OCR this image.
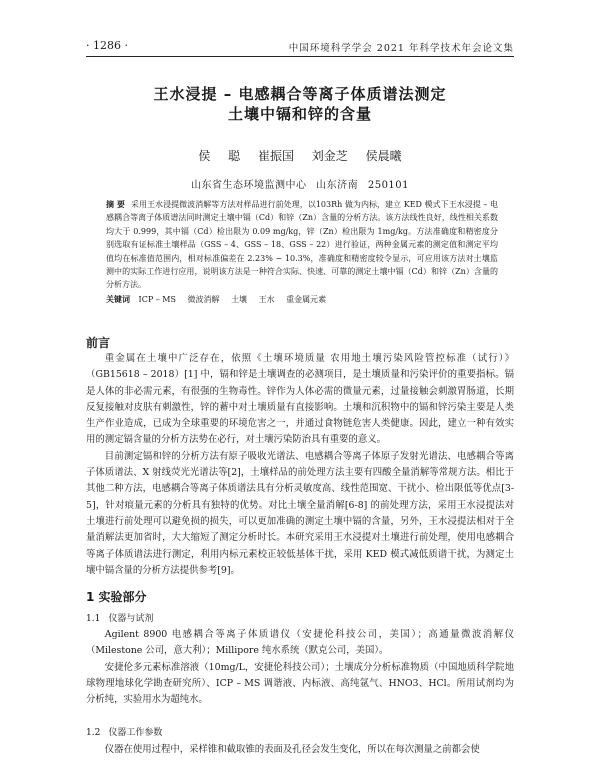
· 1286 ·	中国环境科学学会 2021 年科学技术年会论文集
王水浸提 – 电感耦合等离子体质谱法测定
土壤中镉和锌的含量
侯 聪 崔振国 刘金芝 侯晨曦
山东省生态环境监测中心 山东济南 250101
摘 要 采用王水浸提微波消解等方法对样品进行前处理，以103Rh 做为内标，建立 KED 模式下王水浸提 – 电感耦合等离子体质谱法同时测定土壤中镉（Cd）和锌（Zn）含量的分析方法。该方法线性良好，线性相关系数均大于 0.999，其中镉（Cd）检出限为 0.09 mg/kg，锌（Zn）检出限为 1mg/kg。方法准确度和精密度分别选取有证标准土壤样品（GSS – 4、GSS – 18、GSS – 22）进行验证，两种金属元素的测定值和测定平均值均在标准值范围内，相对标准偏差在 2.23% ~ 10.3%，准确度和精密度较令显示，可应用该方法对土壤监测中的实际工作进行应用，说明该方法是一种符合实际、快速、可靠的测定土壤中镉（Cd）和锌（Zn）含量的分析方法。
关键词 ICP – MS 微波消解 土壤 王水 重金属元素
前言

重金属在土壤中广泛存在，依照《土壤环境质量 农用地土壤污染风险管控标准（试行）》（GB15618 – 2018）[1] 中，镉和锌是土壤调查的必测项目，是土壤质量和污染评价的重要指标。镉是人体的非必需元素，有很强的生物毒性。锌作为人体必需的微量元素，过量接触会刺激胃肠道，长期反复接触对皮肤有刺激性，锌的蓄中对土壤质量有直接影响。土壤和沉积物中的镉和锌污染主要是人类生产作业造成，已成为全球重要的环境危害之一，并通过食物链危害人类健康。因此，建立一种有效实用的测定镉含量的分析方法势在必行，对土壤污染防治具有重要的意义。

目前测定镉和锌的分析方法有原子吸收光谱法、电感耦合等离子体原子发射光谱法、电感耦合等离子体质谱法、X 射线荧光光谱法等[2]，土壤样品的前处理方法主要有四酸全量消解等常规方法。相比于其他二种方法，电感耦合等离子体质谱法具有分析灵敏度高、线性范围宽、干扰小、检出限低等优点[3-5]，针对痕量元素的分析具有独特的优势。对比土壤全量消解[6-8] 的前处理方法，采用王水浸提法对土壤进行前处理可以避免损的损失，可以更加准确的测定土壤中镉的含量，另外，王水浸提法相对于全量消解法更加省时，大大缩短了测定分析时长。本研究采用王水浸提对土壤进行前处理，使用电感耦合等离子体质谱法进行测定，利用内标元素校正较低基体干扰，采用 KED 模式减低质谱干扰，为测定土壤中镉含量的分析方法提供参考[9]。

1 实验部分
1.1 仪器与试剂

Agilent 8900 电感耦合等离子体质谱仪（安捷伦科技公司，美国）；高通量微波消解仪（Milestone 公司，意大利）；Millipore 纯水系统（默克公司，美国）。

安捷伦多元素标准溶液（10mg/L，安捷伦科技公司）；土壤成分分析标准物质（中国地质科学院地球物理地球化学勘查研究所）、ICP – MS 调谐液、内标液、高纯氩气、HNO3、HCl。所用试剂均为分析纯，实验用水为超纯水。

1.2 仪器工作参数

仪器在使用过程中，采样锥和截取锥的表面及孔径会发生变化，所以在每次测量之前都会使
